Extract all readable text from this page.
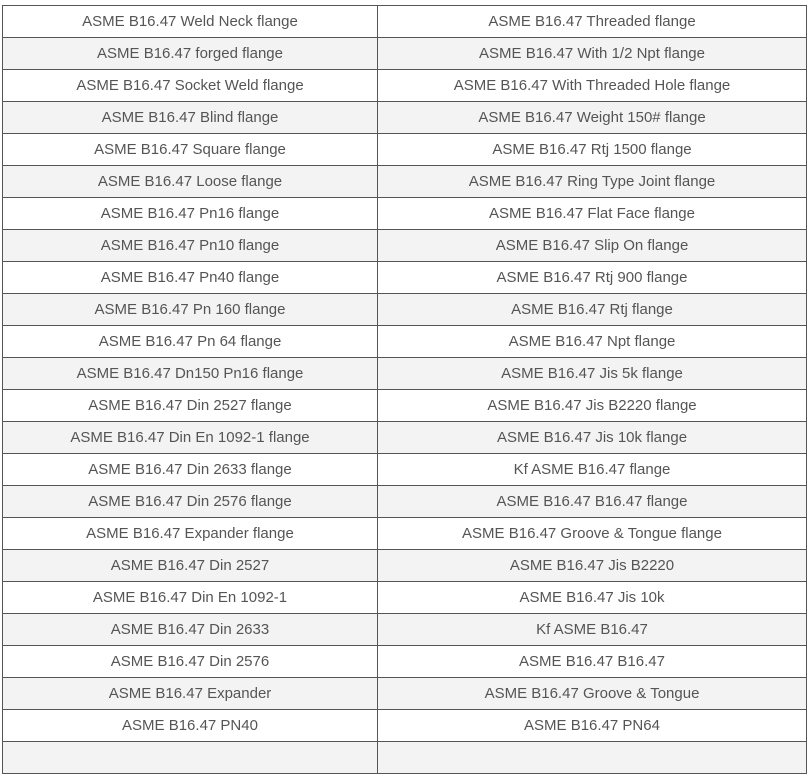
ASME B16.47 Weld Neck flange	ASME B16.47 Threaded flange
ASME B16.47 forged flange	ASME B16.47 With 1/2 Npt flange
ASME B16.47 Socket Weld flange	ASME B16.47 With Threaded Hole flange
ASME B16.47 Blind flange	ASME B16.47 Weight 150# flange
ASME B16.47 Square flange	ASME B16.47 Rtj 1500 flange
ASME B16.47 Loose flange	ASME B16.47 Ring Type Joint flange
ASME B16.47 Pn16 flange	ASME B16.47 Flat Face flange
ASME B16.47 Pn10 flange	ASME B16.47 Slip On flange
ASME B16.47 Pn40 flange	ASME B16.47 Rtj 900 flange
ASME B16.47 Pn 160 flange	ASME B16.47 Rtj flange
ASME B16.47 Pn 64 flange	ASME B16.47 Npt flange
ASME B16.47 Dn150 Pn16 flange	ASME B16.47 Jis 5k flange
ASME B16.47 Din 2527 flange	ASME B16.47 Jis B2220 flange
ASME B16.47 Din En 1092-1 flange	ASME B16.47 Jis 10k flange
ASME B16.47 Din 2633 flange	Kf ASME B16.47 flange
ASME B16.47 Din 2576 flange	ASME B16.47 B16.47 flange
ASME B16.47 Expander flange	ASME B16.47 Groove & Tongue flange
ASME B16.47 Din 2527	ASME B16.47 Jis B2220
ASME B16.47 Din En 1092-1	ASME B16.47 Jis 10k
ASME B16.47 Din 2633	Kf ASME B16.47
ASME B16.47 Din 2576	ASME B16.47 B16.47
ASME B16.47 Expander	ASME B16.47 Groove & Tongue
ASME B16.47 PN40	ASME B16.47 PN64
